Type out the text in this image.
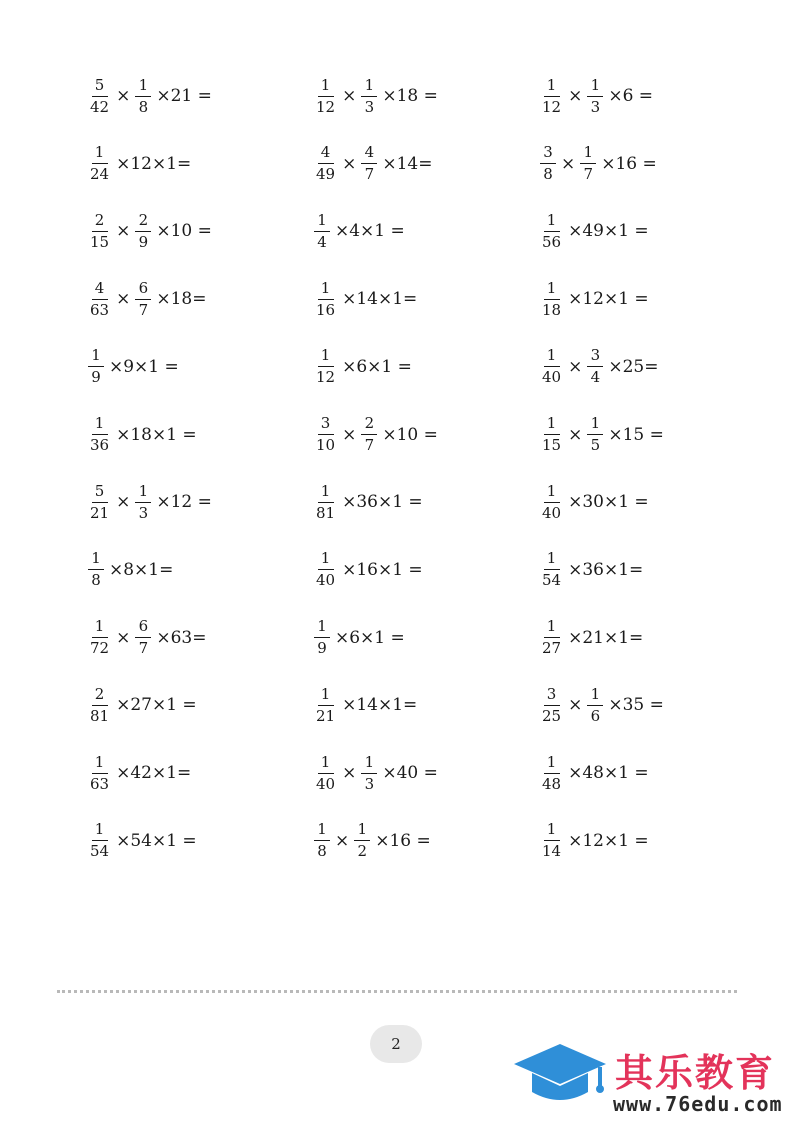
$\frac{5}{42} \times \frac{1}{8} \times 21$ =	$\frac{1}{12} \times \frac{1}{3} \times 18$ =	$\frac{1}{12} \times \frac{1}{3} \times 6$ =
$\frac{1}{24} \times 12\times 1=$	$\frac{4}{49} \times \frac{4}{7} \times 14=$	$\frac{3}{8} \times \frac{1}{7} \times 16$ =
$\frac{2}{15} \times \frac{2}{9} \times 10$ =	$\frac{1}{4} \times 4\times 1$ =	$\frac{1}{56} \times 49\times 1$ =
$\frac{4}{63} \times \frac{6}{7} \times 18=$	$\frac{1}{16} \times 14\times 1=$	$\frac{1}{18} \times 12\times 1$ =
$\frac{1}{9} \times 9\times 1$ =	$\frac{1}{12} \times 6\times 1$ =	$\frac{1}{40} \times \frac{3}{4} \times 25=$
$\frac{1}{36} \times 18\times 1$ =	$\frac{3}{10} \times \frac{2}{7} \times 10$ =	$\frac{1}{15} \times \frac{1}{5} \times 15$ =
$\frac{5}{21} \times \frac{1}{3} \times 12$ =	$\frac{1}{81} \times 36\times 1$ =	$\frac{1}{40} \times 30\times 1$ =
$\frac{1}{8} \times 8\times 1=$	$\frac{1}{40} \times 16\times 1$ =	$\frac{1}{54} \times 36\times 1=$
$\frac{1}{72} \times \frac{6}{7} \times 63=$	$\frac{1}{9} \times 6\times 1$ =	$\frac{1}{27} \times 21\times 1=$
$\frac{2}{81} \times 27\times 1$ =	$\frac{1}{21} \times 14\times 1=$	$\frac{3}{25} \times \frac{1}{6} \times 35$ =
$\frac{1}{63} \times 42\times 1=$	$\frac{1}{40} \times \frac{1}{3} \times 40$ =	$\frac{1}{48} \times 48\times 1$ =
$\frac{1}{54} \times 54\times 1$ =	$\frac{1}{8} \times \frac{1}{2} \times 16$ =	$\frac{1}{14} \times 12\times 1$ =
2
其乐教育
www.76edu.com
